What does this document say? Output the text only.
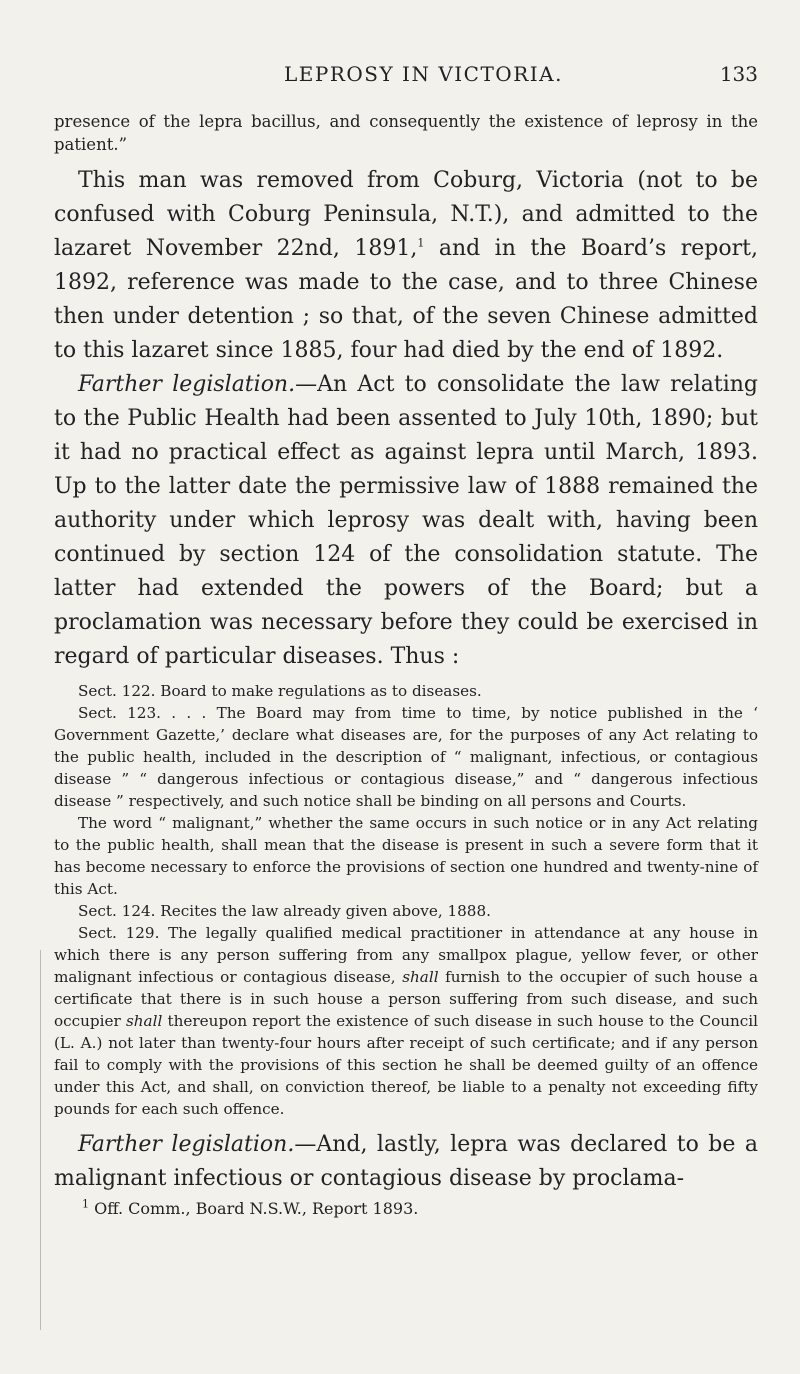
LEPROSY IN VICTORIA.	133

presence of the lepra bacillus, and consequently the existence of leprosy in the patient.”

This man was removed from Coburg, Victoria (not to be confused with Coburg Peninsula, N.T.), and admitted to the lazaret November 22nd, 1891,$^1$ and in the Board’s report, 1892, reference was made to the case, and to three Chinese then under detention ; so that, of the seven Chinese admitted to this lazaret since 1885, four had died by the end of 1892.

Farther legislation.—An Act to consolidate the law relating to the Public Health had been assented to July 10th, 1890; but it had no practical effect as against lepra until March, 1893. Up to the latter date the permissive law of 1888 remained the authority under which leprosy was dealt with, having been continued by section 124 of the consolidation statute. The latter had extended the powers of the Board; but a proclamation was necessary before they could be exercised in regard of particular diseases. Thus :

Sect. 122. Board to make regulations as to diseases.

Sect. 123. . . . The Board may from time to time, by notice published in the ‘ Government Gazette,’ declare what diseases are, for the purposes of any Act relating to the public health, included in the description of “ malignant, infectious, or contagious disease ” “ dangerous infectious or contagious disease,” and “ dangerous infectious disease ” respectively, and such notice shall be binding on all persons and Courts.

The word “ malignant,” whether the same occurs in such notice or in any Act relating to the public health, shall mean that the disease is present in such a severe form that it has become necessary to enforce the provisions of section one hundred and twenty-nine of this Act.

Sect. 124. Recites the law already given above, 1888.

Sect. 129. The legally qualified medical practitioner in attendance at any house in which there is any person suffering from any smallpox plague, yellow fever, or other malignant infectious or contagious disease, shall furnish to the occupier of such house a certificate that there is in such house a person suffering from such disease, and such occupier shall thereupon report the existence of such disease in such house to the Council (L. A.) not later than twenty-four hours after receipt of such certificate; and if any person fail to comply with the provisions of this section he shall be deemed guilty of an offence under this Act, and shall, on conviction thereof, be liable to a penalty not exceeding fifty pounds for each such offence.

Farther legislation.—And, lastly, lepra was declared to be a malignant infectious or contagious disease by proclama-

$^1$ Off. Comm., Board N.S.W., Report 1893.
